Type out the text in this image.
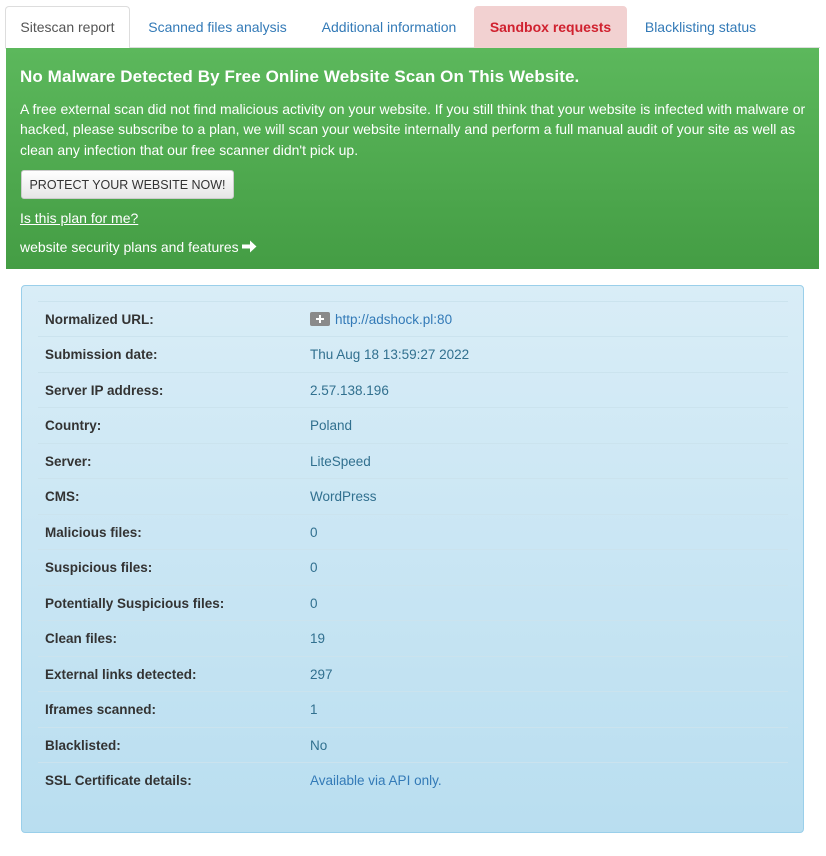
Sitescan report	Scanned files analysis	Additional information	Sandbox requests	Blacklisting status
No Malware Detected By Free Online Website Scan On This Website.

A free external scan did not find malicious activity on your website. If you still think that your website is infected with malware or hacked, please subscribe to a plan, we will scan your website internally and perform a full manual audit of your site as well as clean any infection that our free scanner didn't pick up.

PROTECT YOUR WEBSITE NOW!
Is this plan for me?
website security plans and features
Normalized URL:	http://adshock.pl:80
Submission date:	Thu Aug 18 13:59:27 2022
Server IP address:	2.57.138.196
Country:	Poland
Server:	LiteSpeed
CMS:	WordPress
Malicious files:	0
Suspicious files:	0
Potentially Suspicious files:	0
Clean files:	19
External links detected:	297
Iframes scanned:	1
Blacklisted:	No
SSL Certificate details:	Available via API only.
